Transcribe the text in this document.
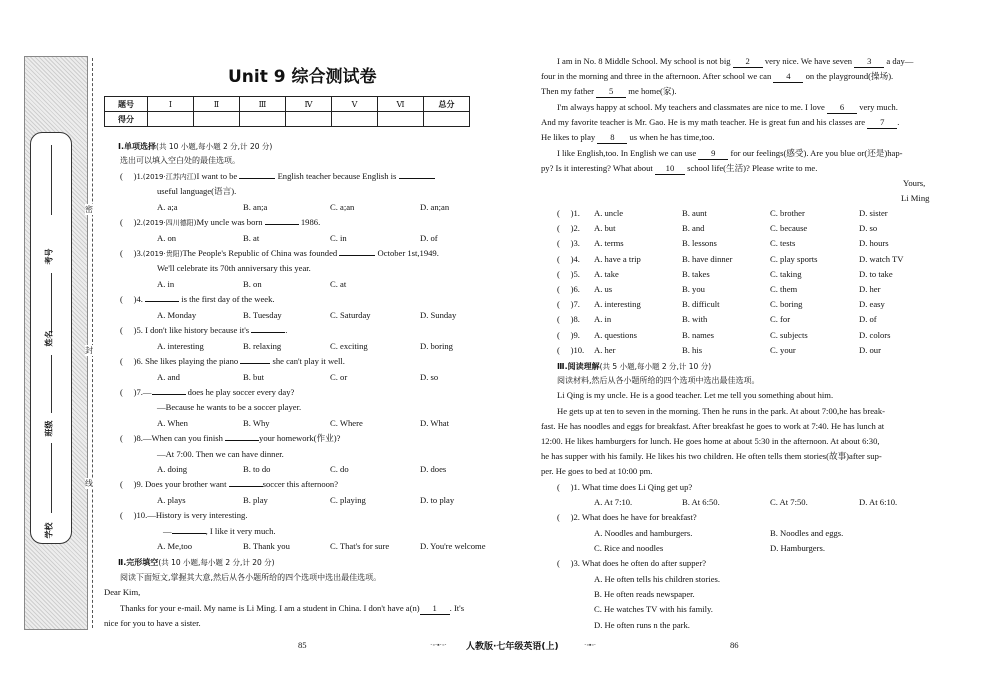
考号
姓名
班级
学校
密
封
线
Unit 9 综合测试卷
题号	Ⅰ	Ⅱ	Ⅲ	Ⅳ	Ⅴ	Ⅵ	总分
得分							
Ⅰ.单项选择(共 10 小题,每小题 2 分,计 20 分)
选出可以填入空白处的最佳选项。
(     )1.(2019·江苏内江)I want to be	English teacher because English is
useful language(语言).
A. a;a	B. an;a	C. a;an	D. an;an
(     )2.(2019·四川德阳)My uncle was born	1986.
A. on	B. at	C. in	D. of
(     )3.(2019·贵阳)The People's Republic of China was founded	October 1st,1949.
We'll celebrate its 70th anniversary this year.
A. in	B. on	C. at
(     )4.	is the first day of the week.
A. Monday	B. Tuesday	C. Saturday	D. Sunday
(     )5. I don't like history because it's	.
A. interesting	B. relaxing	C. exciting	D. boring
(     )6. She likes playing the piano	she can't play it well.
A. and	B. but	C. or	D. so
(     )7.—	does he play soccer every day?
—Because he wants to be a soccer player.
A. When	B. Why	C. Where	D. What
(     )8.—When can you finish	your homework(作业)?
—At 7:00. Then we can have dinner.
A. doing	B. to do	C. do	D. does
(     )9. Does your brother want	soccer this afternoon?
A. plays	B. play	C. playing	D. to play
(     )10.—History is very interesting.
—	, I like it very much.
A. Me,too	B. Thank you	C. That's for sure	D. You're welcome
Ⅱ.完形填空(共 10 小题,每小题 2 分,计 20 分)
阅读下面短文,掌握其大意,然后从各小题所给的四个选项中选出最佳选项。
Dear Kim,
Thanks for your e-mail. My name is Li Ming. I am a student in China. I don't have a(n) 1 . It's
nice for you to have a sister.
85
I am in No. 8 Middle School. My school is not big 2 very nice. We have seven 3 a day—
four in the morning and three in the afternoon. After school we can 4 on the playground(操场).
Then my father 5 me home(家).
I'm always happy at school. My teachers and classmates are nice to me. I love 6 very much.
And my favorite teacher is Mr. Gao. He is my math teacher. He is great fun and his classes are 7 .
He likes to play 8 us when he has time,too.
I like English,too. In English we can use 9 for our feelings(感受). Are you blue or(还是)hap-
py? Is it interesting? What about 10 school life(生活)? Please write to me.
Yours,
Li Ming
(     )1. A. uncle	B. aunt	C. brother	D. sister
(     )2. A. but	B. and	C. because	D. so
(     )3. A. terms	B. lessons	C. tests	D. hours
(     )4. A. have a trip	B. have dinner	C. play sports	D. watch TV
(     )5. A. take	B. takes	C. taking	D. to take
(     )6. A. us	B. you	C. them	D. her
(     )7. A. interesting	B. difficult	C. boring	D. easy
(     )8. A. in	B. with	C. for	D. of
(     )9. A. questions	B. names	C. subjects	D. colors
(     )10. A. her	B. his	C. your	D. our
Ⅲ.阅读理解(共 5 小题,每小题 2 分,计 10 分)
阅读材料,然后从各小题所给的四个选项中选出最佳选项。
Li Qing is my uncle. He is a good teacher. Let me tell you something about him.
He gets up at ten to seven in the morning. Then he runs in the park. At about 7:00,he has break-
fast. He has noodles and eggs for breakfast. After breakfast he goes to work at 7:40. He has lunch at
12:00. He likes hamburgers for lunch. He goes home at about 5:30 in the afternoon. At about 6:30,
he has supper with his family. He likes his two children. He often tells them stories(故事)after sup-
per. He goes to bed at 10:00 pm.
(     )1. What time does Li Qing get up?
A. At 7:10.	B. At 6:50.	C. At 7:50.	D. At 6:10.
(     )2. What does he have for breakfast?
A. Noodles and hamburgers.	B. Noodles and eggs.
C. Rice and noodles	D. Hamburgers.
(     )3. What does he often do after supper?
A. He often tells his children stories.
B. He often reads newspaper.
C. He watches TV with his family.
D. He often runs n the park.
·◦·▪·◦· 人教版·七年级英语(上)	·◦▪◦·	86
